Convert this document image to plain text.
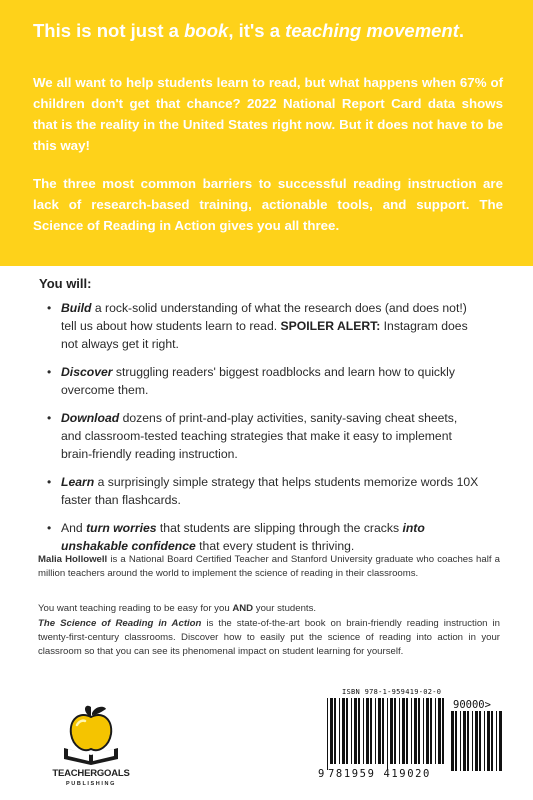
This is not just a book, it's a teaching movement.
We all want to help students learn to read, but what happens when 67% of children don't get that chance? 2022 National Report Card data shows that is the reality in the United States right now. But it does not have to be this way!
The three most common barriers to successful reading instruction are lack of research-based training, actionable tools, and support. The Science of Reading in Action gives you all three.
You will:
• Build a rock-solid understanding of what the research does (and does not!) tell us about how students learn to read. SPOILER ALERT: Instagram does not always get it right.
• Discover struggling readers' biggest roadblocks and learn how to quickly overcome them.
• Download dozens of print-and-play activities, sanity-saving cheat sheets, and classroom-tested teaching strategies that make it easy to implement brain-friendly reading instruction.
• Learn a surprisingly simple strategy that helps students memorize words 10X faster than flashcards.
• And turn worries that students are slipping through the cracks into unshakable confidence that every student is thriving.
Malia Hollowell is a National Board Certified Teacher and Stanford University graduate who coaches half a million teachers around the world to implement the science of reading in their classrooms.
You want teaching reading to be easy for you AND your students.
The Science of Reading in Action is the state-of-the-art book on brain-friendly reading instruction in twenty-first-century classrooms. Discover how to easily put the science of reading into action in your classroom so that you can see its phenomenal impact on student learning for yourself.
TEACHERGOALS
PUBLISHING
ISBN 978-1-959419-02-0
90000>
9 781959 419020
